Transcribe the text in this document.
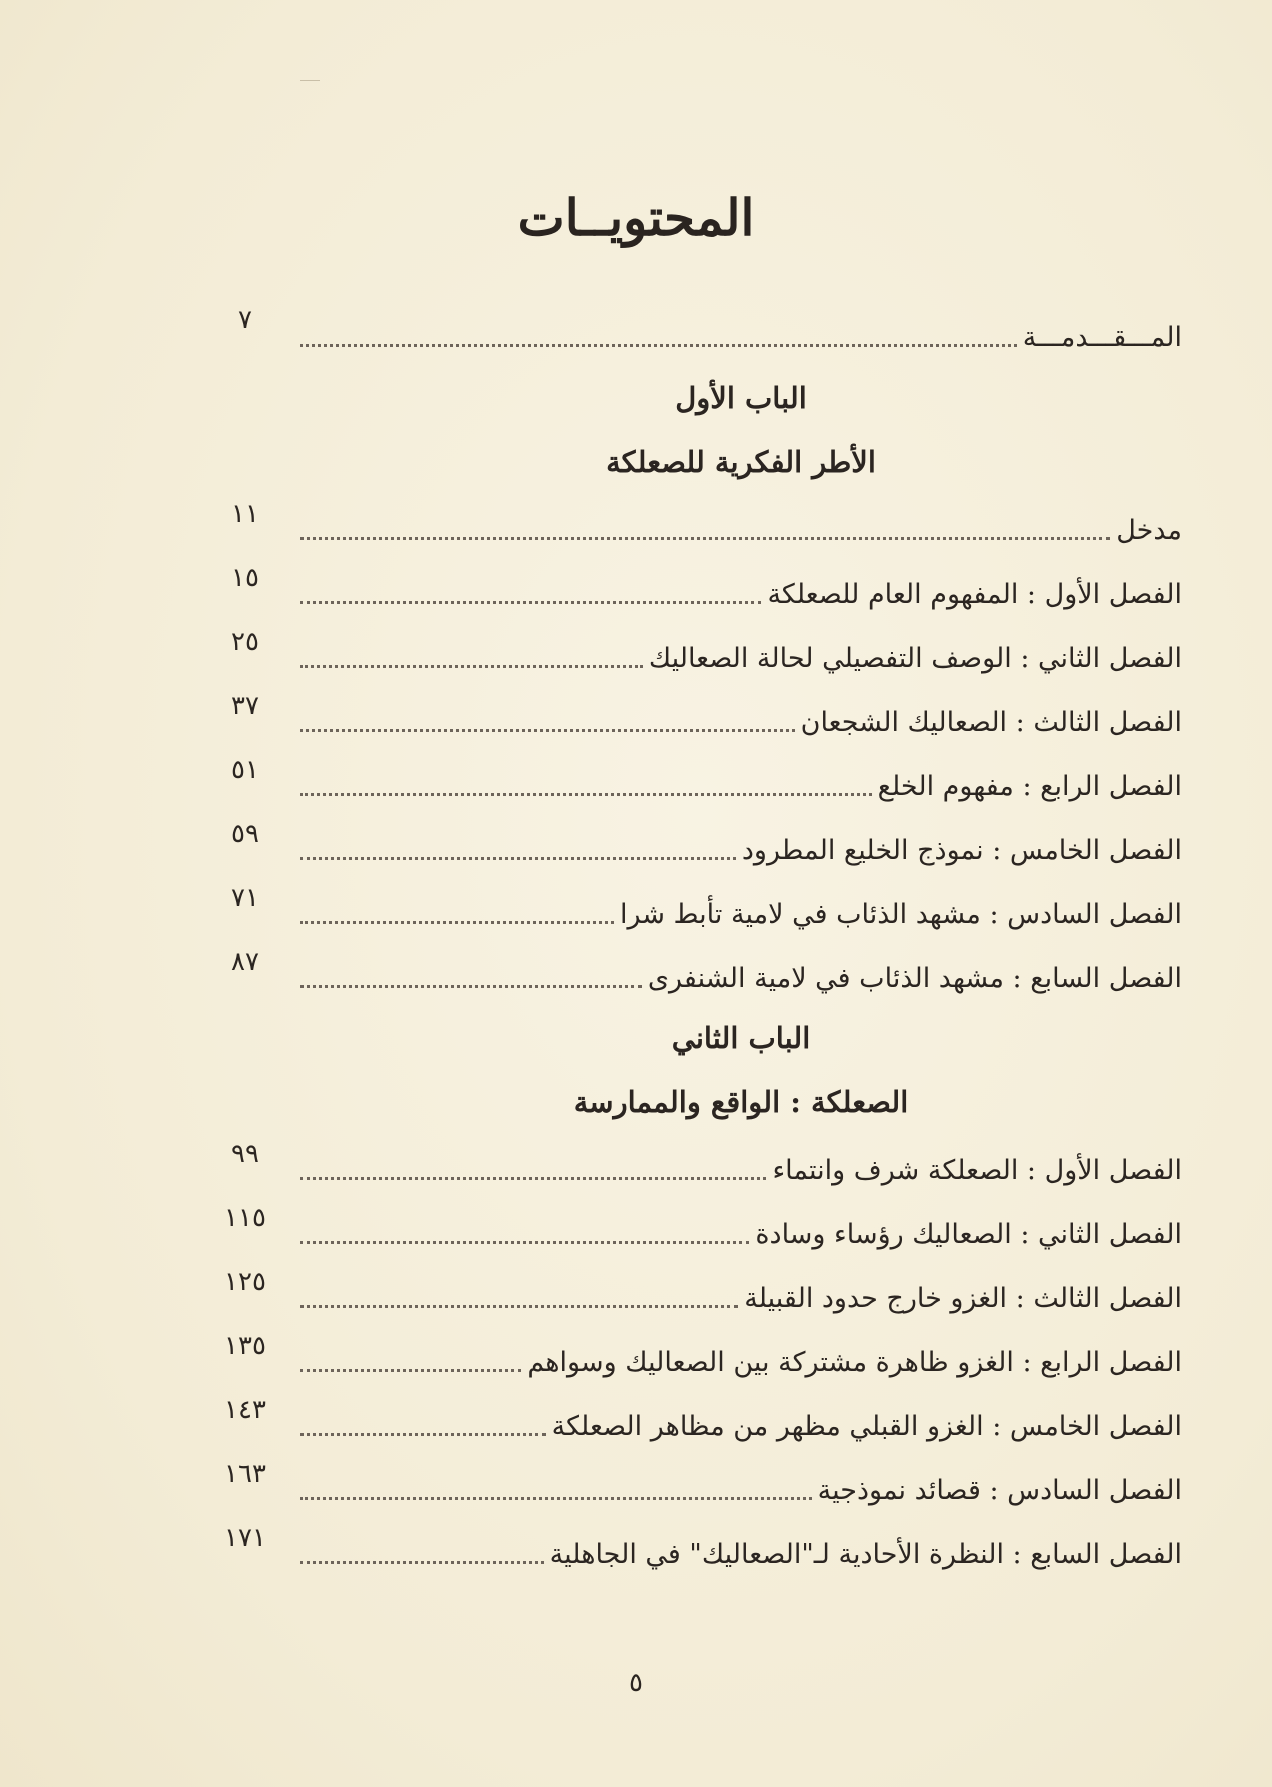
المحتويــات
٧
المـــقـــدمـــة
الباب الأول
الأطر الفكرية للصعلكة
١١
مدخل
١٥
الفصل الأول : المفهوم العام للصعلكة
٢٥
الفصل الثاني : الوصف التفصيلي لحالة الصعاليك
٣٧
الفصل الثالث : الصعاليك الشجعان
٥١
الفصل الرابع : مفهوم الخلع
٥٩
الفصل الخامس : نموذج الخليع المطرود
٧١
الفصل السادس : مشهد الذئاب في لامية تأبط شرا
٨٧
الفصل السابع : مشهد الذئاب في لامية الشنفرى
الباب الثاني
الصعلكة : الواقع والممارسة
٩٩
الفصل الأول : الصعلكة شرف وانتماء
١١٥
الفصل الثاني : الصعاليك رؤساء وسادة
١٢٥
الفصل الثالث : الغزو خارج حدود القبيلة
١٣٥
الفصل الرابع : الغزو ظاهرة مشتركة بين الصعاليك وسواهم
١٤٣
الفصل الخامس : الغزو القبلي مظهر من مظاهر الصعلكة
١٦٣
الفصل السادس : قصائد نموذجية
١٧١
الفصل السابع : النظرة الأحادية لـ"الصعاليك" في الجاهلية
٥
